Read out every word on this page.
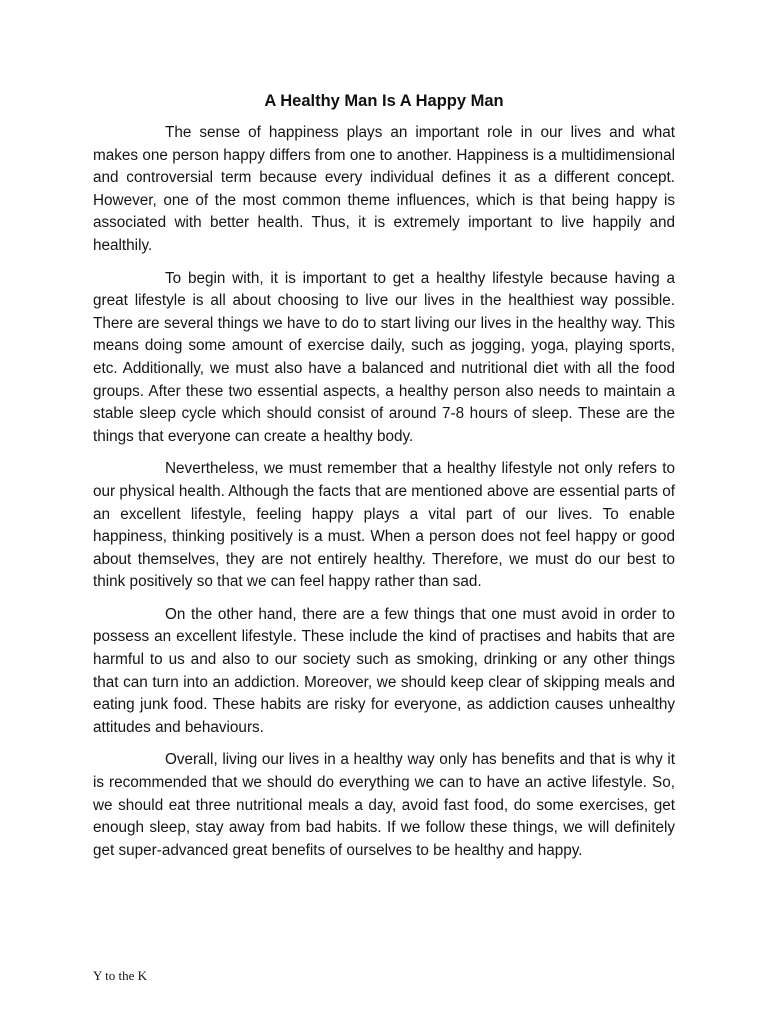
A Healthy Man Is A Happy Man

The sense of happiness plays an important role in our lives and what makes one person happy differs from one to another. Happiness is a multidimensional and controversial term because every individual defines it as a different concept. However, one of the most common theme influences, which is that being happy is associated with better health. Thus, it is extremely important to live happily and healthily.

To begin with, it is important to get a healthy lifestyle because having a great lifestyle is all about choosing to live our lives in the healthiest way possible. There are several things we have to do to start living our lives in the healthy way. This means doing some amount of exercise daily, such as jogging, yoga, playing sports, etc. Additionally, we must also have a balanced and nutritional diet with all the food groups. After these two essential aspects, a healthy person also needs to maintain a stable sleep cycle which should consist of around 7-8 hours of sleep. These are the things that everyone can create a healthy body.

Nevertheless, we must remember that a healthy lifestyle not only refers to our physical health. Although the facts that are mentioned above are essential parts of an excellent lifestyle, feeling happy plays a vital part of our lives. To enable happiness, thinking positively is a must. When a person does not feel happy or good about themselves, they are not entirely healthy. Therefore, we must do our best to think positively so that we can feel happy rather than sad.

On the other hand, there are a few things that one must avoid in order to possess an excellent lifestyle. These include the kind of practises and habits that are harmful to us and also to our society such as smoking, drinking or any other things that can turn into an addiction. Moreover, we should keep clear of skipping meals and eating junk food. These habits are risky for everyone, as addiction causes unhealthy attitudes and behaviours.

Overall, living our lives in a healthy way only has benefits and that is why it is recommended that we should do everything we can to have an active lifestyle. So, we should eat three nutritional meals a day, avoid fast food, do some exercises, get enough sleep, stay away from bad habits. If we follow these things, we will definitely get super-advanced great benefits of ourselves to be healthy and happy.

Y to the K
